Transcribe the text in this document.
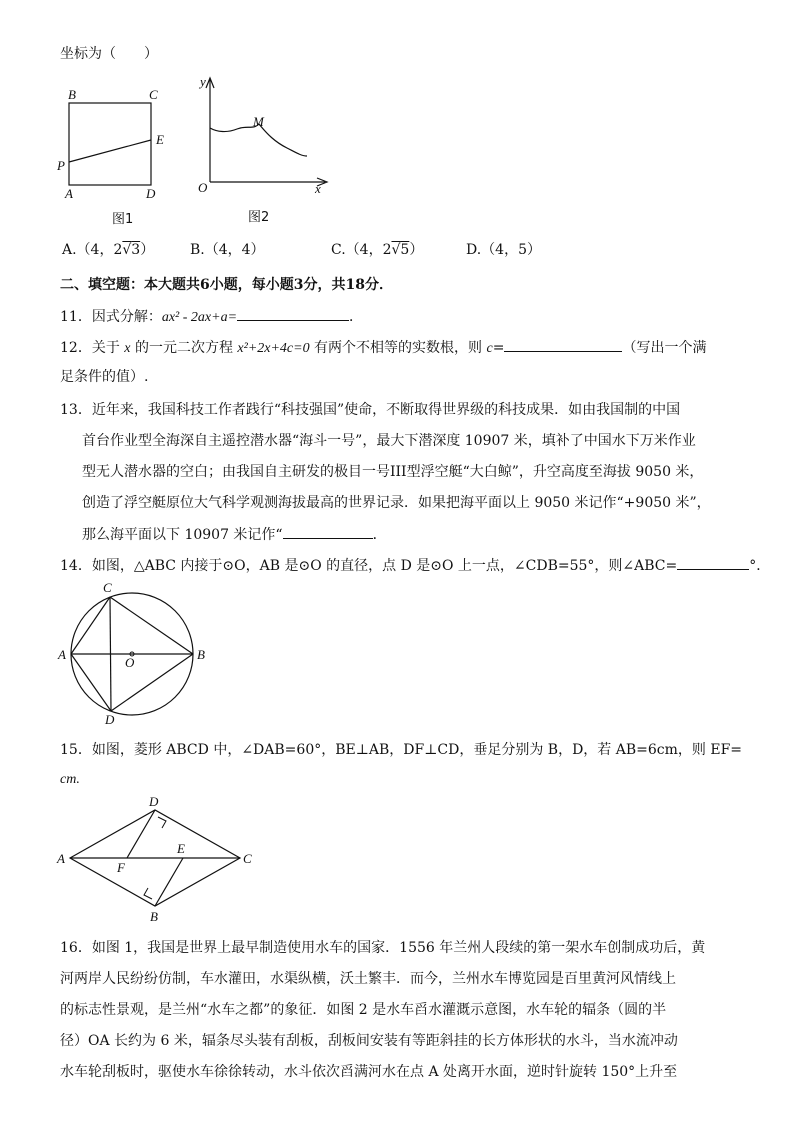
坐标为（　　）
B	C
E
P
A	D
图1
y
M
O	x
图2
A.（4，2√3）	B.（4，4）	C.（4，2√5）	D.（4，5）
二、填空题：本大题共6小题，每小题3分，共18分．
11．因式分解：ax² - 2ax+a=	．
12．关于 x 的一元二次方程 x²+2x+4c=0 有两个不相等的实数根，则 c=	（写出一个满
足条件的值）.
13．近年来，我国科技工作者践行“科技强国”使命，不断取得世界级的科技成果．如由我国制的中国
首台作业型全海深自主遥控潜水器“海斗一号”，最大下潜深度 10907 米，填补了中国水下万米作业
型无人潜水器的空白；由我国自主研发的极目一号III型浮空艇“大白鲸”，升空高度至海拔 9050 米，
创造了浮空艇原位大气科学观测海拔最高的世界记录．如果把海平面以上 9050 米记作“+9050 米”，
那么海平面以下 10907 米记作“	．
14．如图，△ABC 内接于⊙O，AB 是⊙O 的直径，点 D 是⊙O 上一点，∠CDB=55°，则∠ABC=	°．
C
A
O
B
D
15．如图，菱形 ABCD 中，∠DAB=60°，BE⊥AB，DF⊥CD，垂足分别为 B，D，若 AB=6cm，则 EF=
cm.
D
A
F
E
C
B
16．如图 1，我国是世界上最早制造使用水车的国家．1556 年兰州人段续的第一架水车创制成功后，黄
河两岸人民纷纷仿制，车水灌田，水渠纵横，沃土繁丰．而今，兰州水车博览园是百里黄河风情线上
的标志性景观，是兰州“水车之都”的象征．如图 2 是水车舀水灌溉示意图，水车轮的辐条（圆的半
径）OA 长约为 6 米，辐条尽头装有刮板，刮板间安装有等距斜挂的长方体形状的水斗，当水流冲动
水车轮刮板时，驱使水车徐徐转动，水斗依次舀满河水在点 A 处离开水面，逆时针旋转 150°上升至
